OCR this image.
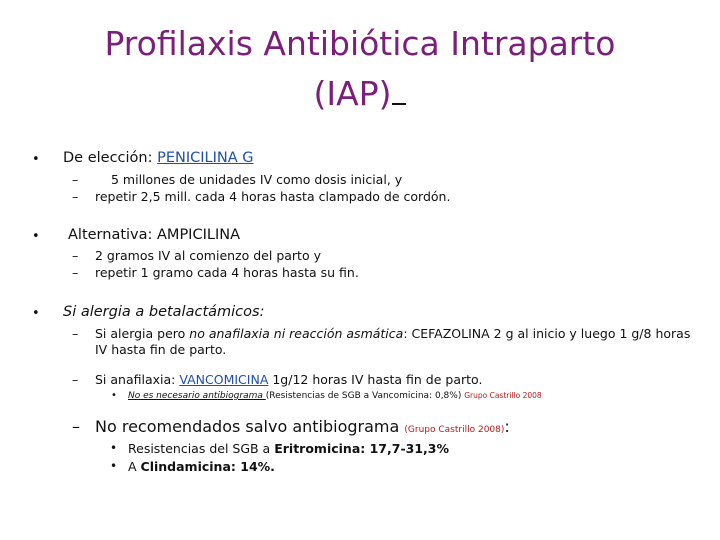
Profilaxis Antibiótica Intraparto
(IAP)
• De elección: PENICILINA G
–	5 millones de unidades IV como dosis inicial, y
– repetir 2,5 mill. cada 4 horas hasta clampado de cordón.
• Alternativa: AMPICILINA
– 2 gramos IV al comienzo del parto y
– repetir 1 gramo cada 4 horas hasta su fin.
• Si alergia a betalactámicos:
– Si alergia pero no anafilaxia ni reacción asmática: CEFAZOLINA 2 g al inicio y luego 1 g/8 horas
IV hasta fin de parto.
– Si anafilaxia: VANCOMICINA 1g/12 horas IV hasta fin de parto.
• No es necesario antibiograma (Resistencias de SGB a Vancomicina: 0,8%) Grupo Castrillo 2008
– No recomendados salvo antibiograma (Grupo Castrillo 2008):
• Resistencias del SGB a Eritromicina: 17,7-31,3%
• A Clindamicina: 14%.
